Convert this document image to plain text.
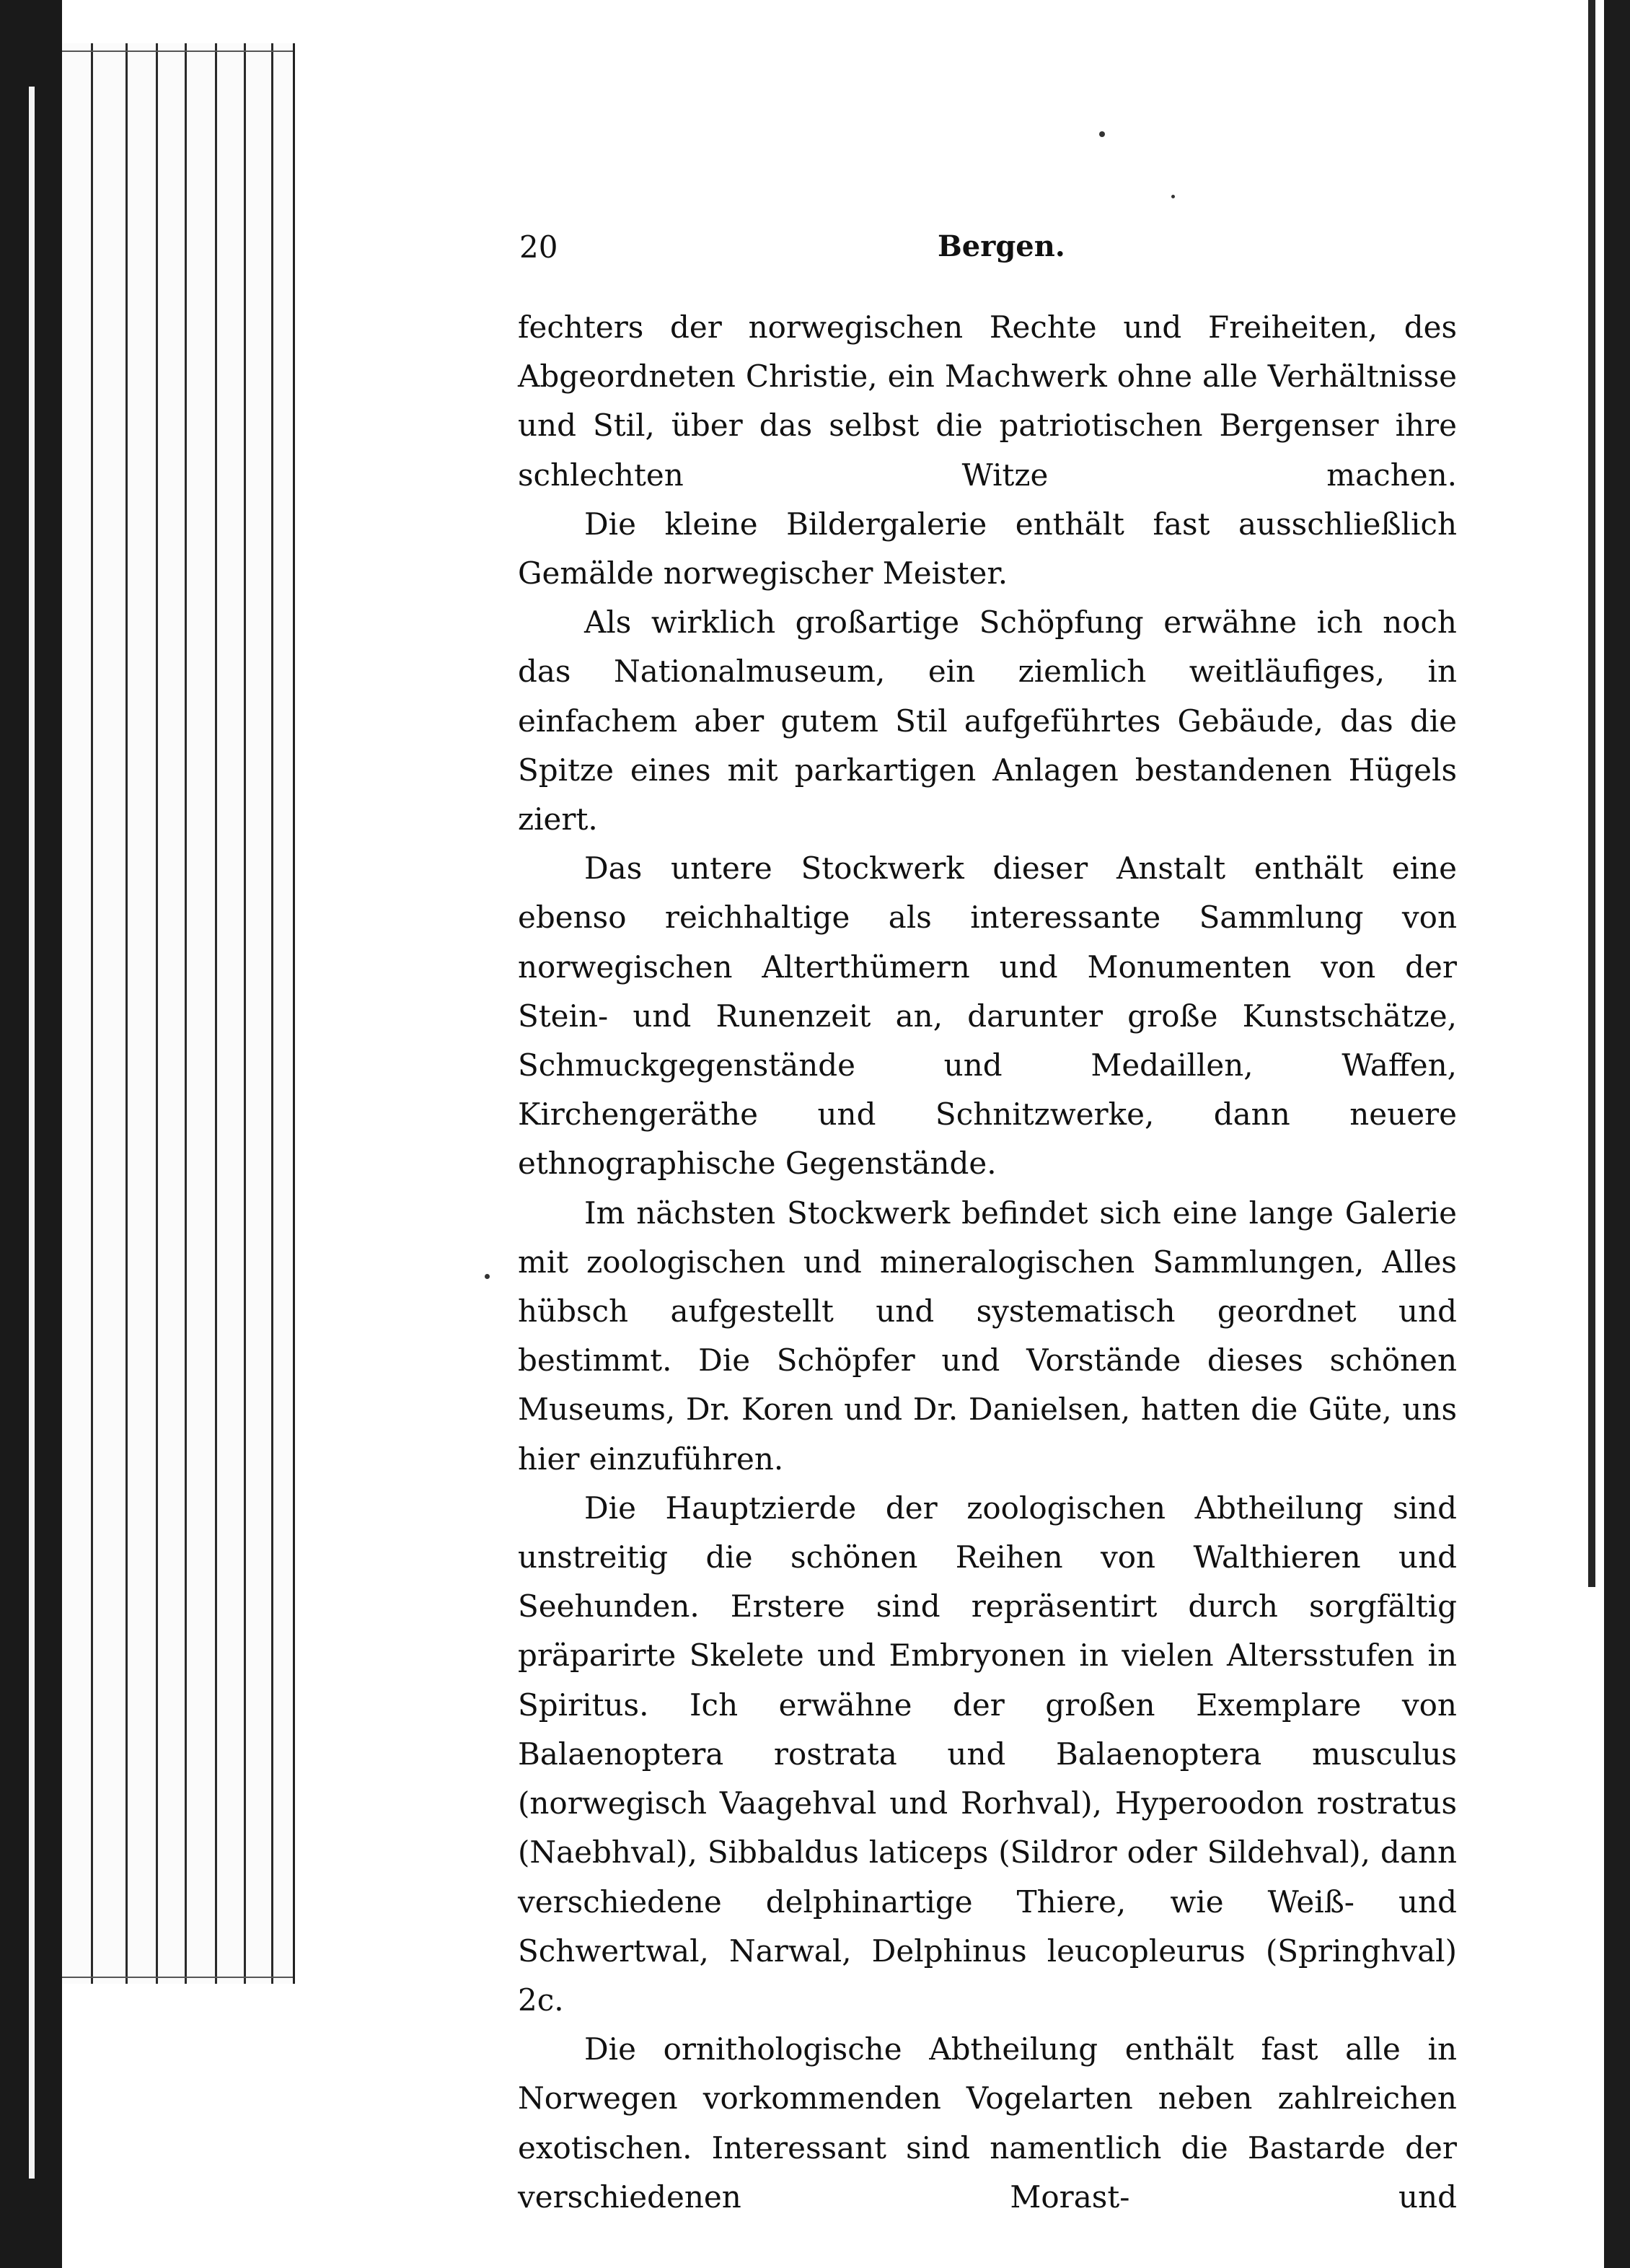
20	Bergen.

fechters der norwegischen Rechte und Freiheiten, des Abgeordneten Christie, ein Machwerk ohne alle Verhältnisse und Stil, über das selbst die patriotischen Bergenser ihre schlechten Witze machen.

Die kleine Bildergalerie enthält fast ausschließlich Gemälde norwegischer Meister.

Als wirklich großartige Schöpfung erwähne ich noch das Nationalmuseum, ein ziemlich weitläufiges, in einfachem aber gutem Stil aufgeführtes Gebäude, das die Spitze eines mit parkartigen Anlagen bestandenen Hügels ziert.

Das untere Stockwerk dieser Anstalt enthält eine ebenso reichhaltige als interessante Sammlung von norwegischen Alterthümern und Monumenten von der Stein- und Runenzeit an, darunter große Kunstschätze, Schmuckgegenstände und Medaillen, Waffen, Kirchengeräthe und Schnitzwerke, dann neuere ethnographische Gegenstände.

Im nächsten Stockwerk befindet sich eine lange Galerie mit zoologischen und mineralogischen Sammlungen, Alles hübsch aufgestellt und systematisch geordnet und bestimmt. Die Schöpfer und Vorstände dieses schönen Museums, Dr. Koren und Dr. Danielsen, hatten die Güte, uns hier einzuführen.

Die Hauptzierde der zoologischen Abtheilung sind unstreitig die schönen Reihen von Walthieren und Seehunden. Erstere sind repräsentirt durch sorgfältig präparirte Skelete und Embryonen in vielen Altersstufen in Spiritus. Ich erwähne der großen Exemplare von Balaenoptera rostrata und Balaenoptera musculus (norwegisch Vaagehval und Rorhval), Hyperoodon rostratus (Naebhval), Sibbaldus laticeps (Sildror oder Sildehval), dann verschiedene delphinartige Thiere, wie Weiß- und Schwertwal, Narwal, Delphinus leucopleurus (Springhval) 2c.

Die ornithologische Abtheilung enthält fast alle in Norwegen vorkommenden Vogelarten neben zahlreichen exotischen. Interessant sind namentlich die Bastarde der verschiedenen Morast- und
